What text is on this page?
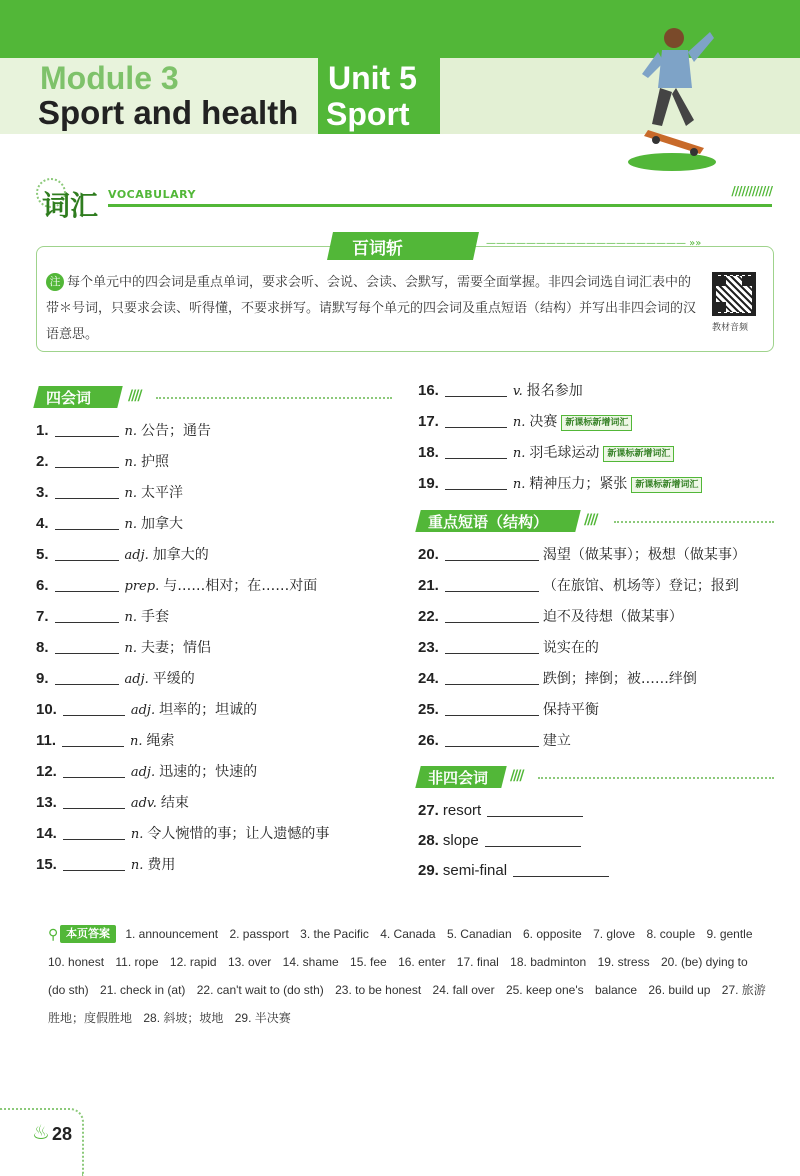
Module 3
Sport and health
Unit 5
Sport
词汇 VOCABULARY	////////////
百词斩	———————————————————— »»
注 每个单元中的四会词是重点单词，要求会听、会说、会读、会默写，需要全面掌握。非四会词选自词汇表中的带＊号词，只要求会读、听得懂，不要求拼写。请默写每个单元的四会词及重点短语（结构）并写出非四会词的汉语意思。	教材音频
四会词	////
1.	n. 公告；通告
2.	n. 护照
3.	n. 太平洋
4.	n. 加拿大
5.	adj. 加拿大的
6.	prep. 与……相对；在……对面
7.	n. 手套
8.	n. 夫妻；情侣
9.	adj. 平缓的
10.	adj. 坦率的；坦诚的
11.	n. 绳索
12.	adj. 迅速的；快速的
13.	adv. 结束
14.	n. 令人惋惜的事；让人遗憾的事
15.	n. 费用
16.	v. 报名参加
17.	n. 决赛 新课标新增词汇
18.	n. 羽毛球运动 新课标新增词汇
19.	n. 精神压力；紧张 新课标新增词汇
重点短语（结构）	////
20.	渴望（做某事）；极想（做某事）
21.	（在旅馆、机场等）登记；报到
22.	迫不及待想（做某事）
23.	说实在的
24.	跌倒；摔倒；被……绊倒
25.	保持平衡
26.	建立
非四会词 ////
27. resort
28. slope
29. semi-final
⚲ 本页答案 1. announcement 2. passport 3. the Pacific 4. Canada 5. Canadian 6. opposite 7. glove 8. couple 9. gentle 10. honest 11. rope 12. rapid 13. over 14. shame 15. fee 16. enter 17. final 18. badminton 19. stress 20. (be) dying to (do sth) 21. check in (at) 22. can't wait to (do sth) 23. to be honest 24. fall over 25. keep one's balance 26. build up 27. 旅游胜地；度假胜地 28. 斜坡；坡地 29. 半决赛
♨ 28
